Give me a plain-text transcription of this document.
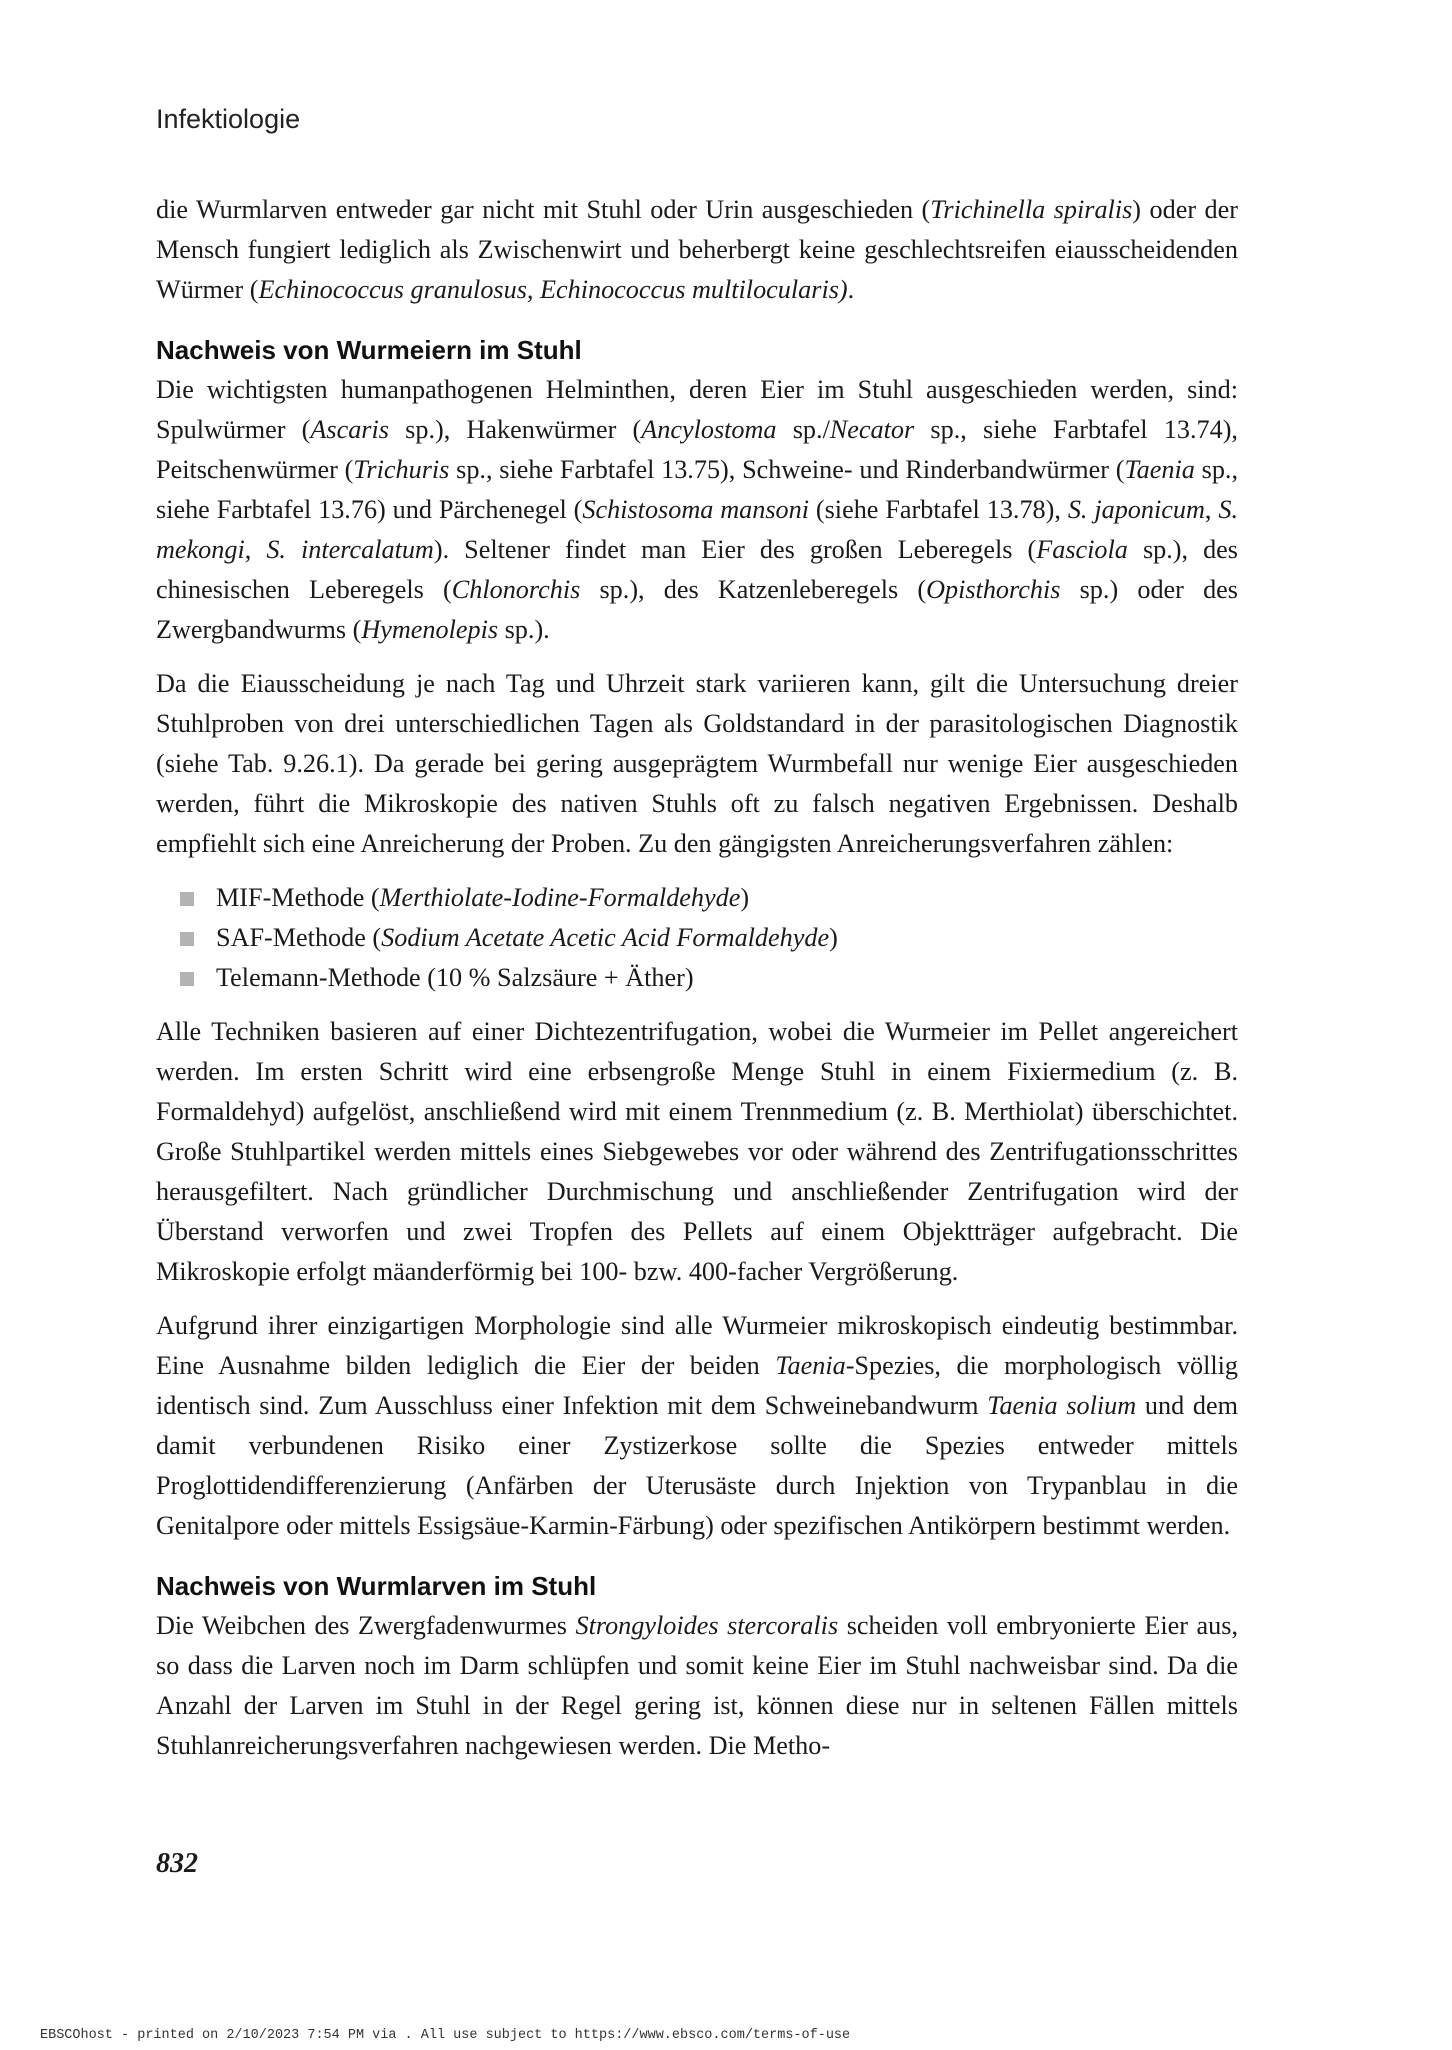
Infektiologie

die Wurmlarven entweder gar nicht mit Stuhl oder Urin ausgeschieden (Trichinella spiralis) oder der Mensch fungiert lediglich als Zwischenwirt und beherbergt keine geschlechtsreifen eiausscheidenden Würmer (Echinococcus granulosus, Echinococcus multilocularis).

Nachweis von Wurmeiern im Stuhl

Die wichtigsten humanpathogenen Helminthen, deren Eier im Stuhl ausgeschieden werden, sind: Spulwürmer (Ascaris sp.), Hakenwürmer (Ancylostoma sp./Necator sp., siehe Farbtafel 13.74), Peitschenwürmer (Trichuris sp., siehe Farbtafel 13.75), Schweine- und Rinderbandwürmer (Taenia sp., siehe Farbtafel 13.76) und Pärchenegel (Schistosoma mansoni (siehe Farbtafel 13.78), S. japonicum, S. mekongi, S. intercalatum). Seltener findet man Eier des großen Leberegels (Fasciola sp.), des chinesischen Leberegels (Chlonorchis sp.), des Katzenleberegels (Opisthorchis sp.) oder des Zwergbandwurms (Hymenolepis sp.).

Da die Eiausscheidung je nach Tag und Uhrzeit stark variieren kann, gilt die Untersuchung dreier Stuhlproben von drei unterschiedlichen Tagen als Goldstandard in der parasitologischen Diagnostik (siehe Tab. 9.26.1). Da gerade bei gering ausgeprägtem Wurmbefall nur wenige Eier ausgeschieden werden, führt die Mikroskopie des nativen Stuhls oft zu falsch negativen Ergebnissen. Deshalb empfiehlt sich eine Anreicherung der Proben. Zu den gängigsten Anreicherungsverfahren zählen:

MIF-Methode (Merthiolate-Iodine-Formaldehyde)
SAF-Methode (Sodium Acetate Acetic Acid Formaldehyde)
Telemann-Methode (10 % Salzsäure + Äther)

Alle Techniken basieren auf einer Dichtezentrifugation, wobei die Wurmeier im Pellet angereichert werden. Im ersten Schritt wird eine erbsengroße Menge Stuhl in einem Fixiermedium (z. B. Formaldehyd) aufgelöst, anschließend wird mit einem Trennmedium (z. B. Merthiolat) überschichtet. Große Stuhlpartikel werden mittels eines Siebgewebes vor oder während des Zentrifugationsschrittes herausgefiltert. Nach gründlicher Durchmischung und anschließender Zentrifugation wird der Überstand verworfen und zwei Tropfen des Pellets auf einem Objektträger aufgebracht. Die Mikroskopie erfolgt mäanderförmig bei 100- bzw. 400-facher Vergrößerung.

Aufgrund ihrer einzigartigen Morphologie sind alle Wurmeier mikroskopisch eindeutig bestimmbar. Eine Ausnahme bilden lediglich die Eier der beiden Taenia-Spezies, die morphologisch völlig identisch sind. Zum Ausschluss einer Infektion mit dem Schweinebandwurm Taenia solium und dem damit verbundenen Risiko einer Zystizerkose sollte die Spezies entweder mittels Proglottidendifferenzierung (Anfärben der Uterusäste durch Injektion von Trypanblau in die Genitalpore oder mittels Essigsäue-Karmin-Färbung) oder spezifischen Antikörpern bestimmt werden.

Nachweis von Wurmlarven im Stuhl

Die Weibchen des Zwergfadenwurmes Strongyloides stercoralis scheiden voll embryonierte Eier aus, so dass die Larven noch im Darm schlüpfen und somit keine Eier im Stuhl nachweisbar sind. Da die Anzahl der Larven im Stuhl in der Regel gering ist, können diese nur in seltenen Fällen mittels Stuhlanreicherungsverfahren nachgewiesen werden. Die Metho-

832
EBSCOhost - printed on 2/10/2023 7:54 PM via . All use subject to https://www.ebsco.com/terms-of-use
